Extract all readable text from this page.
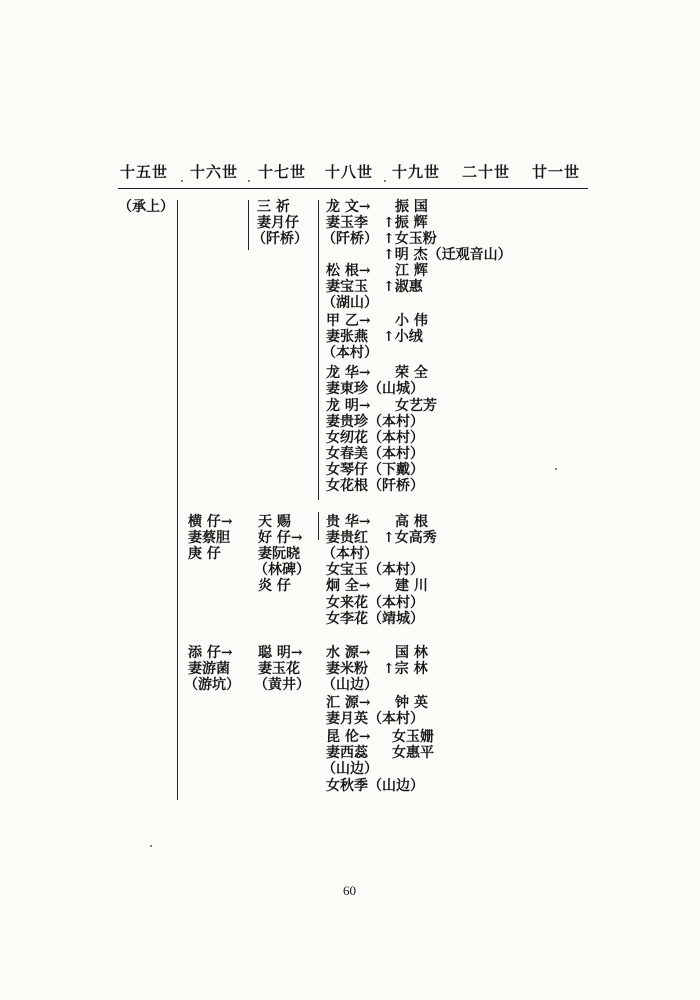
十五世 十六世 十七世 十八世 十九世 二十世 廿一世
（承上）	三 祈
妻月仔
（阡桥）
龙 文→
妻玉李
（阡桥）
松 根→
妻宝玉
（湖山）
甲 乙→
妻张燕
（本村）
龙 华→
妻東珍（山城）
龙 明→
妻贵珍（本村）
女纫花（本村）
女春美（本村）
女琴仔（下戴）
女花根（阡桥）
振 国
↑振 辉
↑女玉粉
↑明 杰（迁观音山）
江 辉
↑淑惠
小 伟
↑小绒
荣 全
女艺芳
横 仔→
妻蔡胆
庚 仔
天 赐
好 仔→
妻阮晓
（林碑）
炎 仔
贵 华→
妻贵红
（本村）
女宝玉（本村）
炯 全→
女来花（本村）
女李花（靖城）
高 根
↑女高秀
建 川
添 仔→
妻游菌
（游坑）
聪 明→
妻玉花
（黄井）
水 源→
妻米粉
（山边）
汇 源→
妻月英（本村）
昆 伦→
妻西蕊
（山边）
女秋季（山边）
国 林
↑宗 林
钟 英
女玉姗
女惠平
60
